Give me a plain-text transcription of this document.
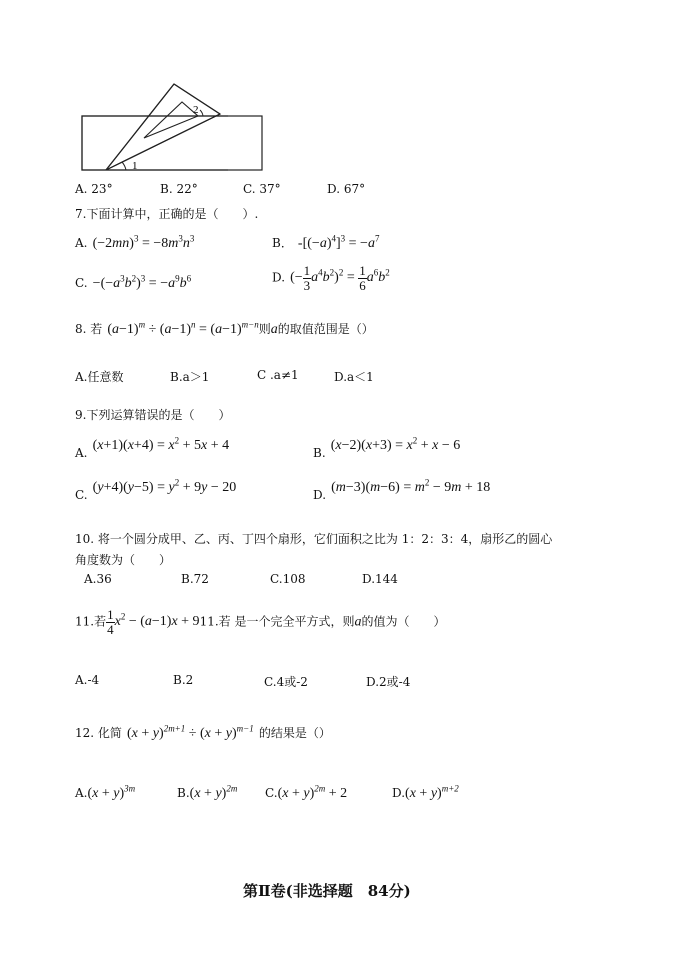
1
2
A. 23°	B. 22°	C. 37°	D. 67°
7.下面计算中，正确的是（　　）.
A. $(-2mn)^3 = -8m^3n^3$	B． $-[(-a)^4]^3 = -a^7$
C. $-(-a^3b^2)^3 = -a^9b^6$	D. (− $\frac{1}{3} a^4b^2)^2 = \frac{1}{6} a^6b^2$
8. 若 $(a-1)^m \div (a-1)^n = (a-1)^{m-n}$则a的取值范围是（）
A.任意数	B.a＞1	C .a≠1	D.a＜1
9.下列运算错误的是（　　）
$_{A.}$ $(x+1)(x+4) = x^2 + 5x + 4$	$_{B.}$ $(x-2)(x+3) = x^2 + x - 6$
$_{C.}$ $(y+4)(y-5) = y^2 + 9y - 20$	$_{D.}$ $(m-3)(m-6) = m^2 - 9m + 18$
10. 将一个圆分成甲、乙、丙、丁四个扇形，它们面积之比为 1：2：3：4，扇形乙的圆心
角度数为（　　）
A.36	B.72	C.108	D.144
11.若 $\frac{1}{4} x^2 - (a-1)x + 911$.若 是一个完全平方式，则a的值为（　　）
A.-4	B.2	C.4或-2	D.2或-4
12. 化简 $(x + y)^{2m+1} \div (x + y)^{m-1}$ 的结果是（）
$A.(x + y)^{3m}$	$B.(x + y)^{2m}$ $C.(x + y)^{2m} + 2$	$D.(x + y)^{m+2}$
第Ⅱ卷(非选择题　84分)
